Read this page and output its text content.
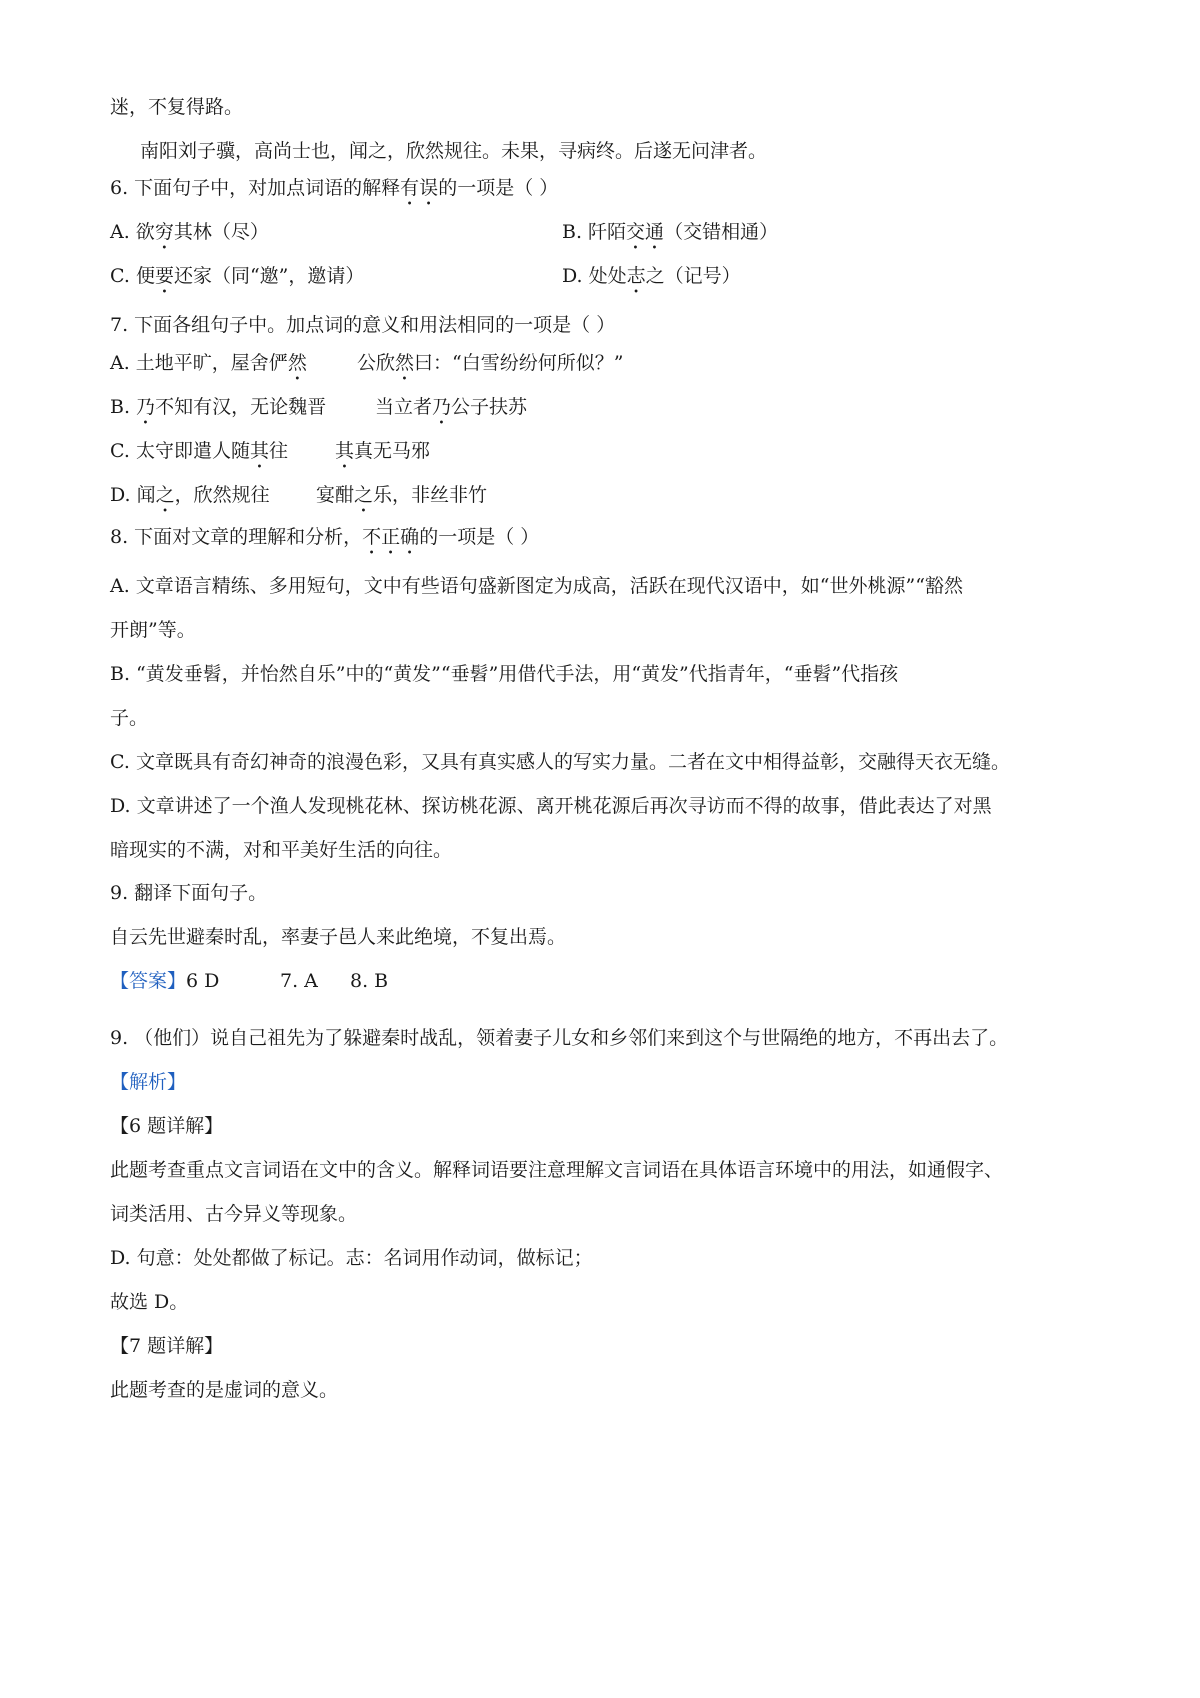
迷，不复得路。

南阳刘子骥，高尚士也，闻之，欣然规往。未果，寻病终。后遂无问津者。

6. 下面句子中，对加点词语的解释有误的一项是（ ）

A. 欲穷其林（尽）	B. 阡陌交通（交错相通）
C. 便要还家（同“邀”，邀请）	D. 处处志之（记号）

7. 下面各组句子中。加点词的意义和用法相同的一项是（ ）

A. 土地平旷，屋舍俨然	公欣然曰：“白雪纷纷何所似？”
B. 乃不知有汉，无论魏晋	当立者乃公子扶苏
C. 太守即遣人随其往 其真无马邪
D. 闻之，欣然规往 宴酣之乐，非丝非竹

8. 下面对文章的理解和分析，不正确的一项是（ ）

A. 文章语言精练、多用短句，文中有些语句盛新图定为成高，活跃在现代汉语中，如“世外桃源”“豁然

开朗”等。

B. “黄发垂髫，并怡然自乐”中的“黄发”“垂髫”用借代手法，用“黄发”代指青年，“垂髫”代指孩

子。

C. 文章既具有奇幻神奇的浪漫色彩，又具有真实感人的写实力量。二者在文中相得益彰，交融得天衣无缝。

D. 文章讲述了一个渔人发现桃花林、探访桃花源、离开桃花源后再次寻访而不得的故事，借此表达了对黑

暗现实的不满，对和平美好生活的向往。

9. 翻译下面句子。

自云先世避秦时乱，率妻子邑人来此绝境，不复出焉。

【答案】 6 D	7. A 8. B

9. （他们）说自己祖先为了躲避秦时战乱，领着妻子儿女和乡邻们来到这个与世隔绝的地方，不再出去了。

【解析】

【6 题详解】

此题考查重点文言词语在文中的含义。解释词语要注意理解文言词语在具体语言环境中的用法，如通假字、

词类活用、古今异义等现象。

D. 句意：处处都做了标记。志：名词用作动词，做标记；

故选 D。

【7 题详解】

此题考查的是虚词的意义。
